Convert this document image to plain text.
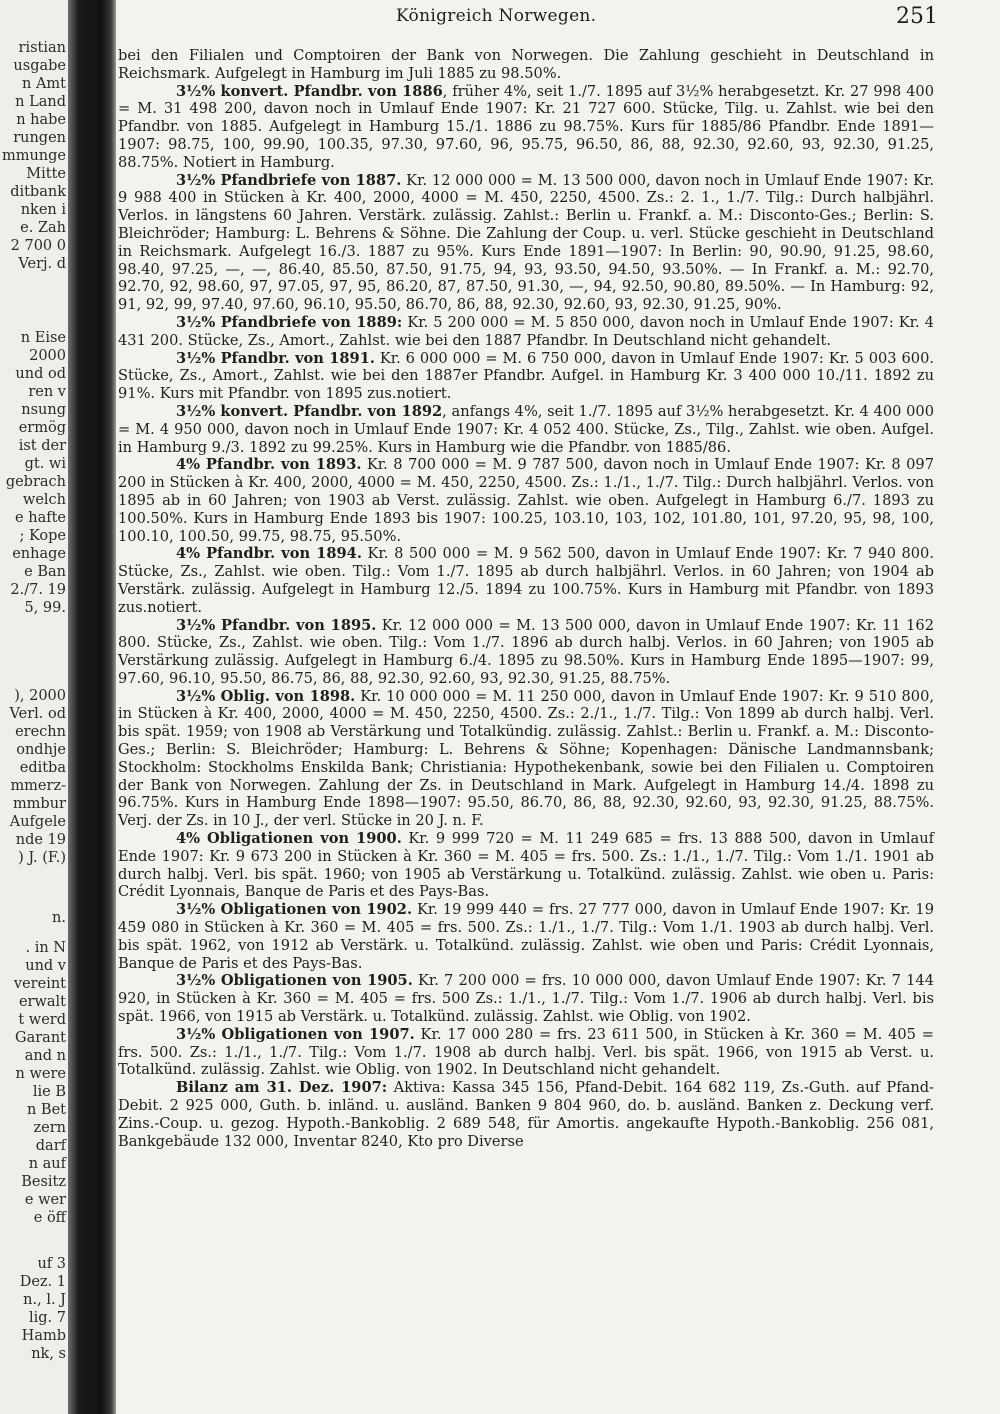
ristian
usgabe
n Amt
n Land
n habe
rungen
mmunge
Mitte
ditbank
nken i
e. Zah
2 700 0
Verj. d
n Eise
2000
und od
ren v
nsung
ermög
ist der
gt. wi
gebrach
welch
e hafte
; Kope
enhage
e Ban
2./7. 19
5, 99.
), 2000
Verl. od
erechn
ondhje
editba
mmerz-
mmbur
Aufgele
nde 19
) J. (F.)
n.
. in N
und v
vereint
erwalt
t werd
Garant
and n
n were
lie B
n Bet
zern
darf
n auf
Besitz
e wer
e öff
uf 3
Dez. 1
n., l. J
lig. 7
Hamb
nk, s
Königreich Norwegen.	251

bei den Filialen und Comptoiren der Bank von Norwegen. Die Zahlung geschieht in Deutschland in Reichsmark. Aufgelegt in Hamburg im Juli 1885 zu 98.50%.

3½% konvert. Pfandbr. von 1886, früher 4%, seit 1./7. 1895 auf 3½% herabgesetzt. Kr. 27 998 400 = M. 31 498 200, davon noch in Umlauf Ende 1907: Kr. 21 727 600. Stücke, Tilg. u. Zahlst. wie bei den Pfandbr. von 1885. Aufgelegt in Hamburg 15./1. 1886 zu 98.75%. Kurs für 1885/86 Pfandbr. Ende 1891—1907: 98.75, 100, 99.90, 100.35, 97.30, 97.60, 96, 95.75, 96.50, 86, 88, 92.30, 92.60, 93, 92.30, 91.25, 88.75%. Notiert in Hamburg.

3½% Pfandbriefe von 1887. Kr. 12 000 000 = M. 13 500 000, davon noch in Umlauf Ende 1907: Kr. 9 988 400 in Stücken à Kr. 400, 2000, 4000 = M. 450, 2250, 4500. Zs.: 2. 1., 1./7. Tilg.: Durch halbjährl. Verlos. in längstens 60 Jahren. Verstärk. zulässig. Zahlst.: Berlin u. Frankf. a. M.: Disconto-Ges.; Berlin: S. Bleichröder; Hamburg: L. Behrens & Söhne. Die Zahlung der Coup. u. verl. Stücke geschieht in Deutschland in Reichsmark. Aufgelegt 16./3. 1887 zu 95%. Kurs Ende 1891—1907: In Berlin: 90, 90.90, 91.25, 98.60, 98.40, 97.25, —, —, 86.40, 85.50, 87.50, 91.75, 94, 93, 93.50, 94.50, 93.50%. — In Frankf. a. M.: 92.70, 92.70, 92, 98.60, 97, 97.05, 97, 95, 86.20, 87, 87.50, 91.30, —, 94, 92.50, 90.80, 89.50%. — In Hamburg: 92, 91, 92, 99, 97.40, 97.60, 96.10, 95.50, 86.70, 86, 88, 92.30, 92.60, 93, 92.30, 91.25, 90%.

3½% Pfandbriefe von 1889: Kr. 5 200 000 = M. 5 850 000, davon noch in Umlauf Ende 1907: Kr. 4 431 200. Stücke, Zs., Amort., Zahlst. wie bei den 1887 Pfandbr. In Deutschland nicht gehandelt.

3½% Pfandbr. von 1891. Kr. 6 000 000 = M. 6 750 000, davon in Umlauf Ende 1907: Kr. 5 003 600. Stücke, Zs., Amort., Zahlst. wie bei den 1887er Pfandbr. Aufgel. in Hamburg Kr. 3 400 000 10./11. 1892 zu 91%. Kurs mit Pfandbr. von 1895 zus.notiert.

3½% konvert. Pfandbr. von 1892, anfangs 4%, seit 1./7. 1895 auf 3½% herabgesetzt. Kr. 4 400 000 = M. 4 950 000, davon noch in Umlauf Ende 1907: Kr. 4 052 400. Stücke, Zs., Tilg., Zahlst. wie oben. Aufgel. in Hamburg 9./3. 1892 zu 99.25%. Kurs in Hamburg wie die Pfandbr. von 1885/86.

4% Pfandbr. von 1893. Kr. 8 700 000 = M. 9 787 500, davon noch in Umlauf Ende 1907: Kr. 8 097 200 in Stücken à Kr. 400, 2000, 4000 = M. 450, 2250, 4500. Zs.: 1./1., 1./7. Tilg.: Durch halbjährl. Verlos. von 1895 ab in 60 Jahren; von 1903 ab Verst. zulässig. Zahlst. wie oben. Aufgelegt in Hamburg 6./7. 1893 zu 100.50%. Kurs in Hamburg Ende 1893 bis 1907: 100.25, 103.10, 103, 102, 101.80, 101, 97.20, 95, 98, 100, 100.10, 100.50, 99.75, 98.75, 95.50%.

4% Pfandbr. von 1894. Kr. 8 500 000 = M. 9 562 500, davon in Umlauf Ende 1907: Kr. 7 940 800. Stücke, Zs., Zahlst. wie oben. Tilg.: Vom 1./7. 1895 ab durch halbjährl. Verlos. in 60 Jahren; von 1904 ab Verstärk. zulässig. Aufgelegt in Hamburg 12./5. 1894 zu 100.75%. Kurs in Hamburg mit Pfandbr. von 1893 zus.notiert.

3½% Pfandbr. von 1895. Kr. 12 000 000 = M. 13 500 000, davon in Umlauf Ende 1907: Kr. 11 162 800. Stücke, Zs., Zahlst. wie oben. Tilg.: Vom 1./7. 1896 ab durch halbj. Verlos. in 60 Jahren; von 1905 ab Verstärkung zulässig. Aufgelegt in Hamburg 6./4. 1895 zu 98.50%. Kurs in Hamburg Ende 1895—1907: 99, 97.60, 96.10, 95.50, 86.75, 86, 88, 92.30, 92.60, 93, 92.30, 91.25, 88.75%.

3½% Oblig. von 1898. Kr. 10 000 000 = M. 11 250 000, davon in Umlauf Ende 1907: Kr. 9 510 800, in Stücken à Kr. 400, 2000, 4000 = M. 450, 2250, 4500. Zs.: 2./1., 1./7. Tilg.: Von 1899 ab durch halbj. Verl. bis spät. 1959; von 1908 ab Verstärkung und Totalkündig. zulässig. Zahlst.: Berlin u. Frankf. a. M.: Disconto-Ges.; Berlin: S. Bleichröder; Hamburg: L. Behrens & Söhne; Kopenhagen: Dänische Landmannsbank; Stockholm: Stockholms Enskilda Bank; Christiania: Hypothekenbank, sowie bei den Filialen u. Comptoiren der Bank von Norwegen. Zahlung der Zs. in Deutschland in Mark. Aufgelegt in Hamburg 14./4. 1898 zu 96.75%. Kurs in Hamburg Ende 1898—1907: 95.50, 86.70, 86, 88, 92.30, 92.60, 93, 92.30, 91.25, 88.75%. Verj. der Zs. in 10 J., der verl. Stücke in 20 J. n. F.

4% Obligationen von 1900. Kr. 9 999 720 = M. 11 249 685 = frs. 13 888 500, davon in Umlauf Ende 1907: Kr. 9 673 200 in Stücken à Kr. 360 = M. 405 = frs. 500. Zs.: 1./1., 1./7. Tilg.: Vom 1./1. 1901 ab durch halbj. Verl. bis spät. 1960; von 1905 ab Verstärkung u. Totalkünd. zulässig. Zahlst. wie oben u. Paris: Crédit Lyonnais, Banque de Paris et des Pays-Bas.

3½% Obligationen von 1902. Kr. 19 999 440 = frs. 27 777 000, davon in Umlauf Ende 1907: Kr. 19 459 080 in Stücken à Kr. 360 = M. 405 = frs. 500. Zs.: 1./1., 1./7. Tilg.: Vom 1./1. 1903 ab durch halbj. Verl. bis spät. 1962, von 1912 ab Verstärk. u. Totalkünd. zulässig. Zahlst. wie oben und Paris: Crédit Lyonnais, Banque de Paris et des Pays-Bas.

3½% Obligationen von 1905. Kr. 7 200 000 = frs. 10 000 000, davon Umlauf Ende 1907: Kr. 7 144 920, in Stücken à Kr. 360 = M. 405 = frs. 500 Zs.: 1./1., 1./7. Tilg.: Vom 1./7. 1906 ab durch halbj. Verl. bis spät. 1966, von 1915 ab Verstärk. u. Totalkünd. zulässig. Zahlst. wie Oblig. von 1902.

3½% Obligationen von 1907. Kr. 17 000 280 = frs. 23 611 500, in Stücken à Kr. 360 = M. 405 = frs. 500. Zs.: 1./1., 1./7. Tilg.: Vom 1./7. 1908 ab durch halbj. Verl. bis spät. 1966, von 1915 ab Verst. u. Totalkünd. zulässig. Zahlst. wie Oblig. von 1902. In Deutschland nicht gehandelt.

Bilanz am 31. Dez. 1907: Aktiva: Kassa 345 156, Pfand-Debit. 164 682 119, Zs.-Guth. auf Pfand-Debit. 2 925 000, Guth. b. inländ. u. ausländ. Banken 9 804 960, do. b. ausländ. Banken z. Deckung verf. Zins.-Coup. u. gezog. Hypoth.-Bankoblig. 2 689 548, für Amortis. angekaufte Hypoth.-Bankoblig. 256 081, Bankgebäude 132 000, Inventar 8240, Kto pro Diverse
